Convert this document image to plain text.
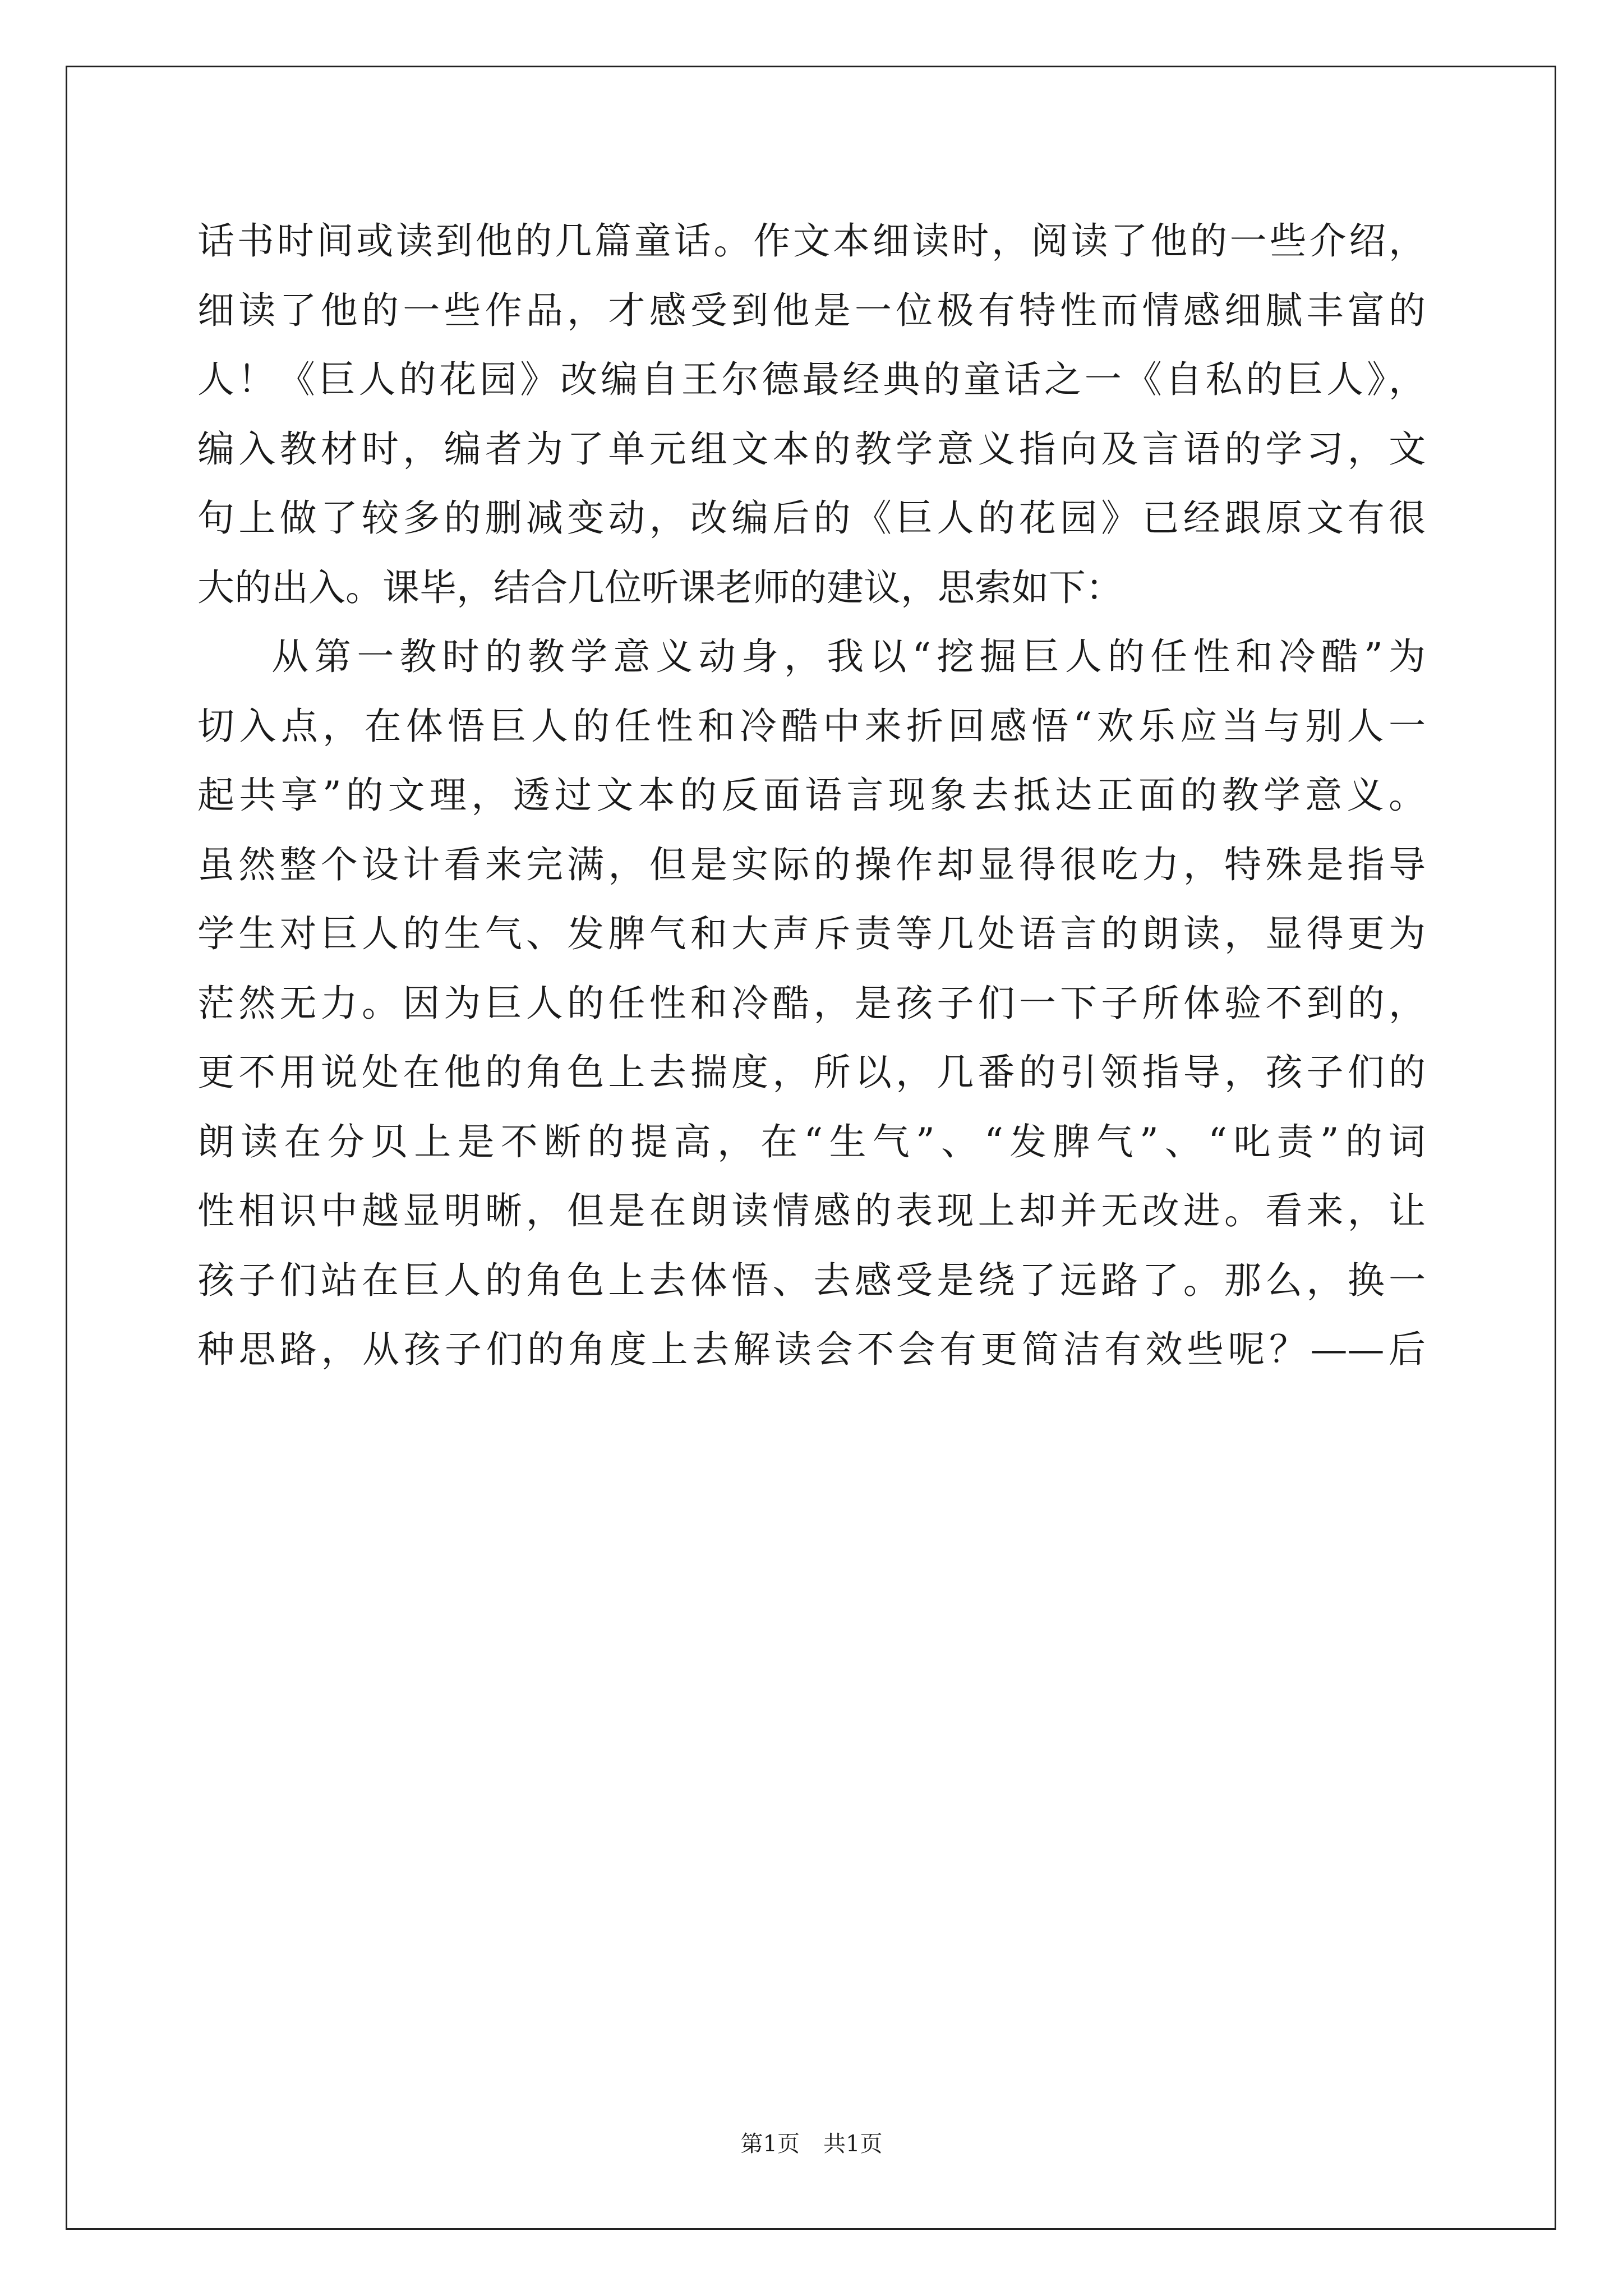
话书时间或读到他的几篇童话。作文本细读时，阅读了他的一些介绍，
细读了他的一些作品，才感受到他是一位极有特性而情感细腻丰富的
人！《巨人的花园》改编自王尔德最经典的童话之一《自私的巨人》，
编入教材时，编者为了单元组文本的教学意义指向及言语的学习，文
句上做了较多的删减变动，改编后的《巨人的花园》已经跟原文有很
大的出入。课毕，结合几位听课老师的建议，思索如下：
从第一教时的教学意义动身，我以“挖掘巨人的任性和冷酷”为
切入点，在体悟巨人的任性和冷酷中来折回感悟“欢乐应当与别人一
起共享”的文理，透过文本的反面语言现象去抵达正面的教学意义。
虽然整个设计看来完满，但是实际的操作却显得很吃力，特殊是指导
学生对巨人的生气、发脾气和大声斥责等几处语言的朗读，显得更为
茫然无力。因为巨人的任性和冷酷，是孩子们一下子所体验不到的，
更不用说处在他的角色上去揣度，所以，几番的引领指导，孩子们的
朗读在分贝上是不断的提高，在“生气”、“发脾气”、“叱责”的词
性相识中越显明晰，但是在朗读情感的表现上却并无改进。看来，让
孩子们站在巨人的角色上去体悟、去感受是绕了远路了。那么，换一
种思路，从孩子们的角度上去解读会不会有更简洁有效些呢？——后
第1页 共1页
